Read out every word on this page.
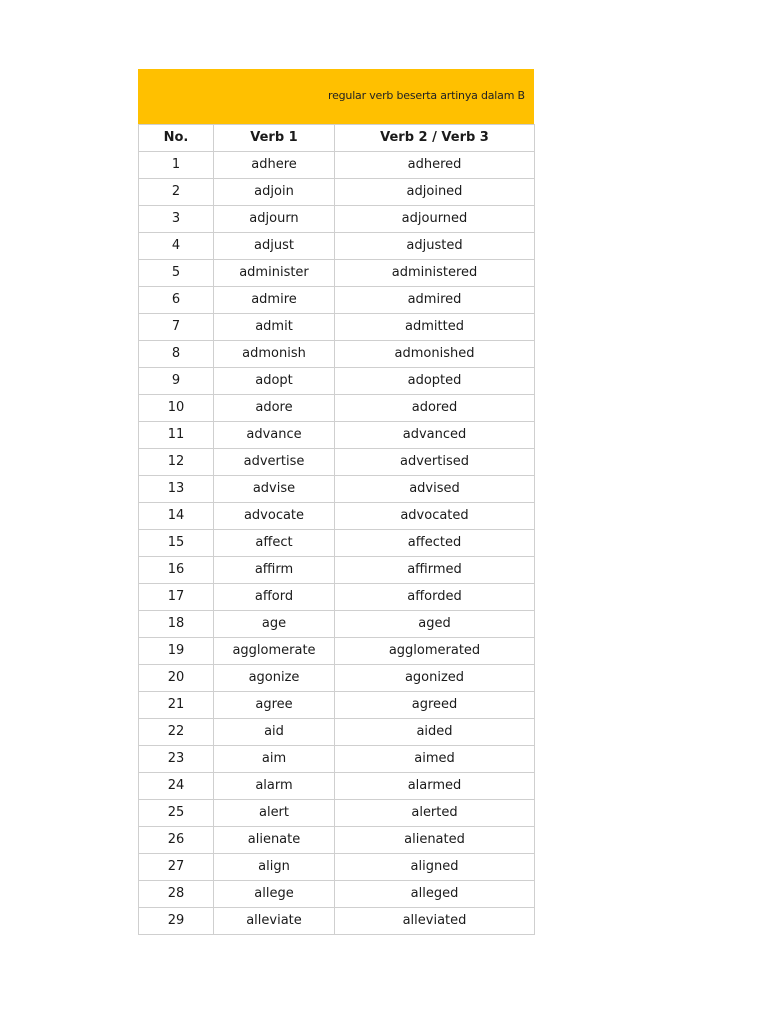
regular verb beserta artinya dalam B
No.	Verb 1	Verb 2 / Verb 3
1	adhere	adhered
2	adjoin	adjoined
3	adjourn	adjourned
4	adjust	adjusted
5	administer	administered
6	admire	admired
7	admit	admitted
8	admonish	admonished
9	adopt	adopted
10	adore	adored
11	advance	advanced
12	advertise	advertised
13	advise	advised
14	advocate	advocated
15	affect	affected
16	affirm	affirmed
17	afford	afforded
18	age	aged
19	agglomerate	agglomerated
20	agonize	agonized
21	agree	agreed
22	aid	aided
23	aim	aimed
24	alarm	alarmed
25	alert	alerted
26	alienate	alienated
27	align	aligned
28	allege	alleged
29	alleviate	alleviated
